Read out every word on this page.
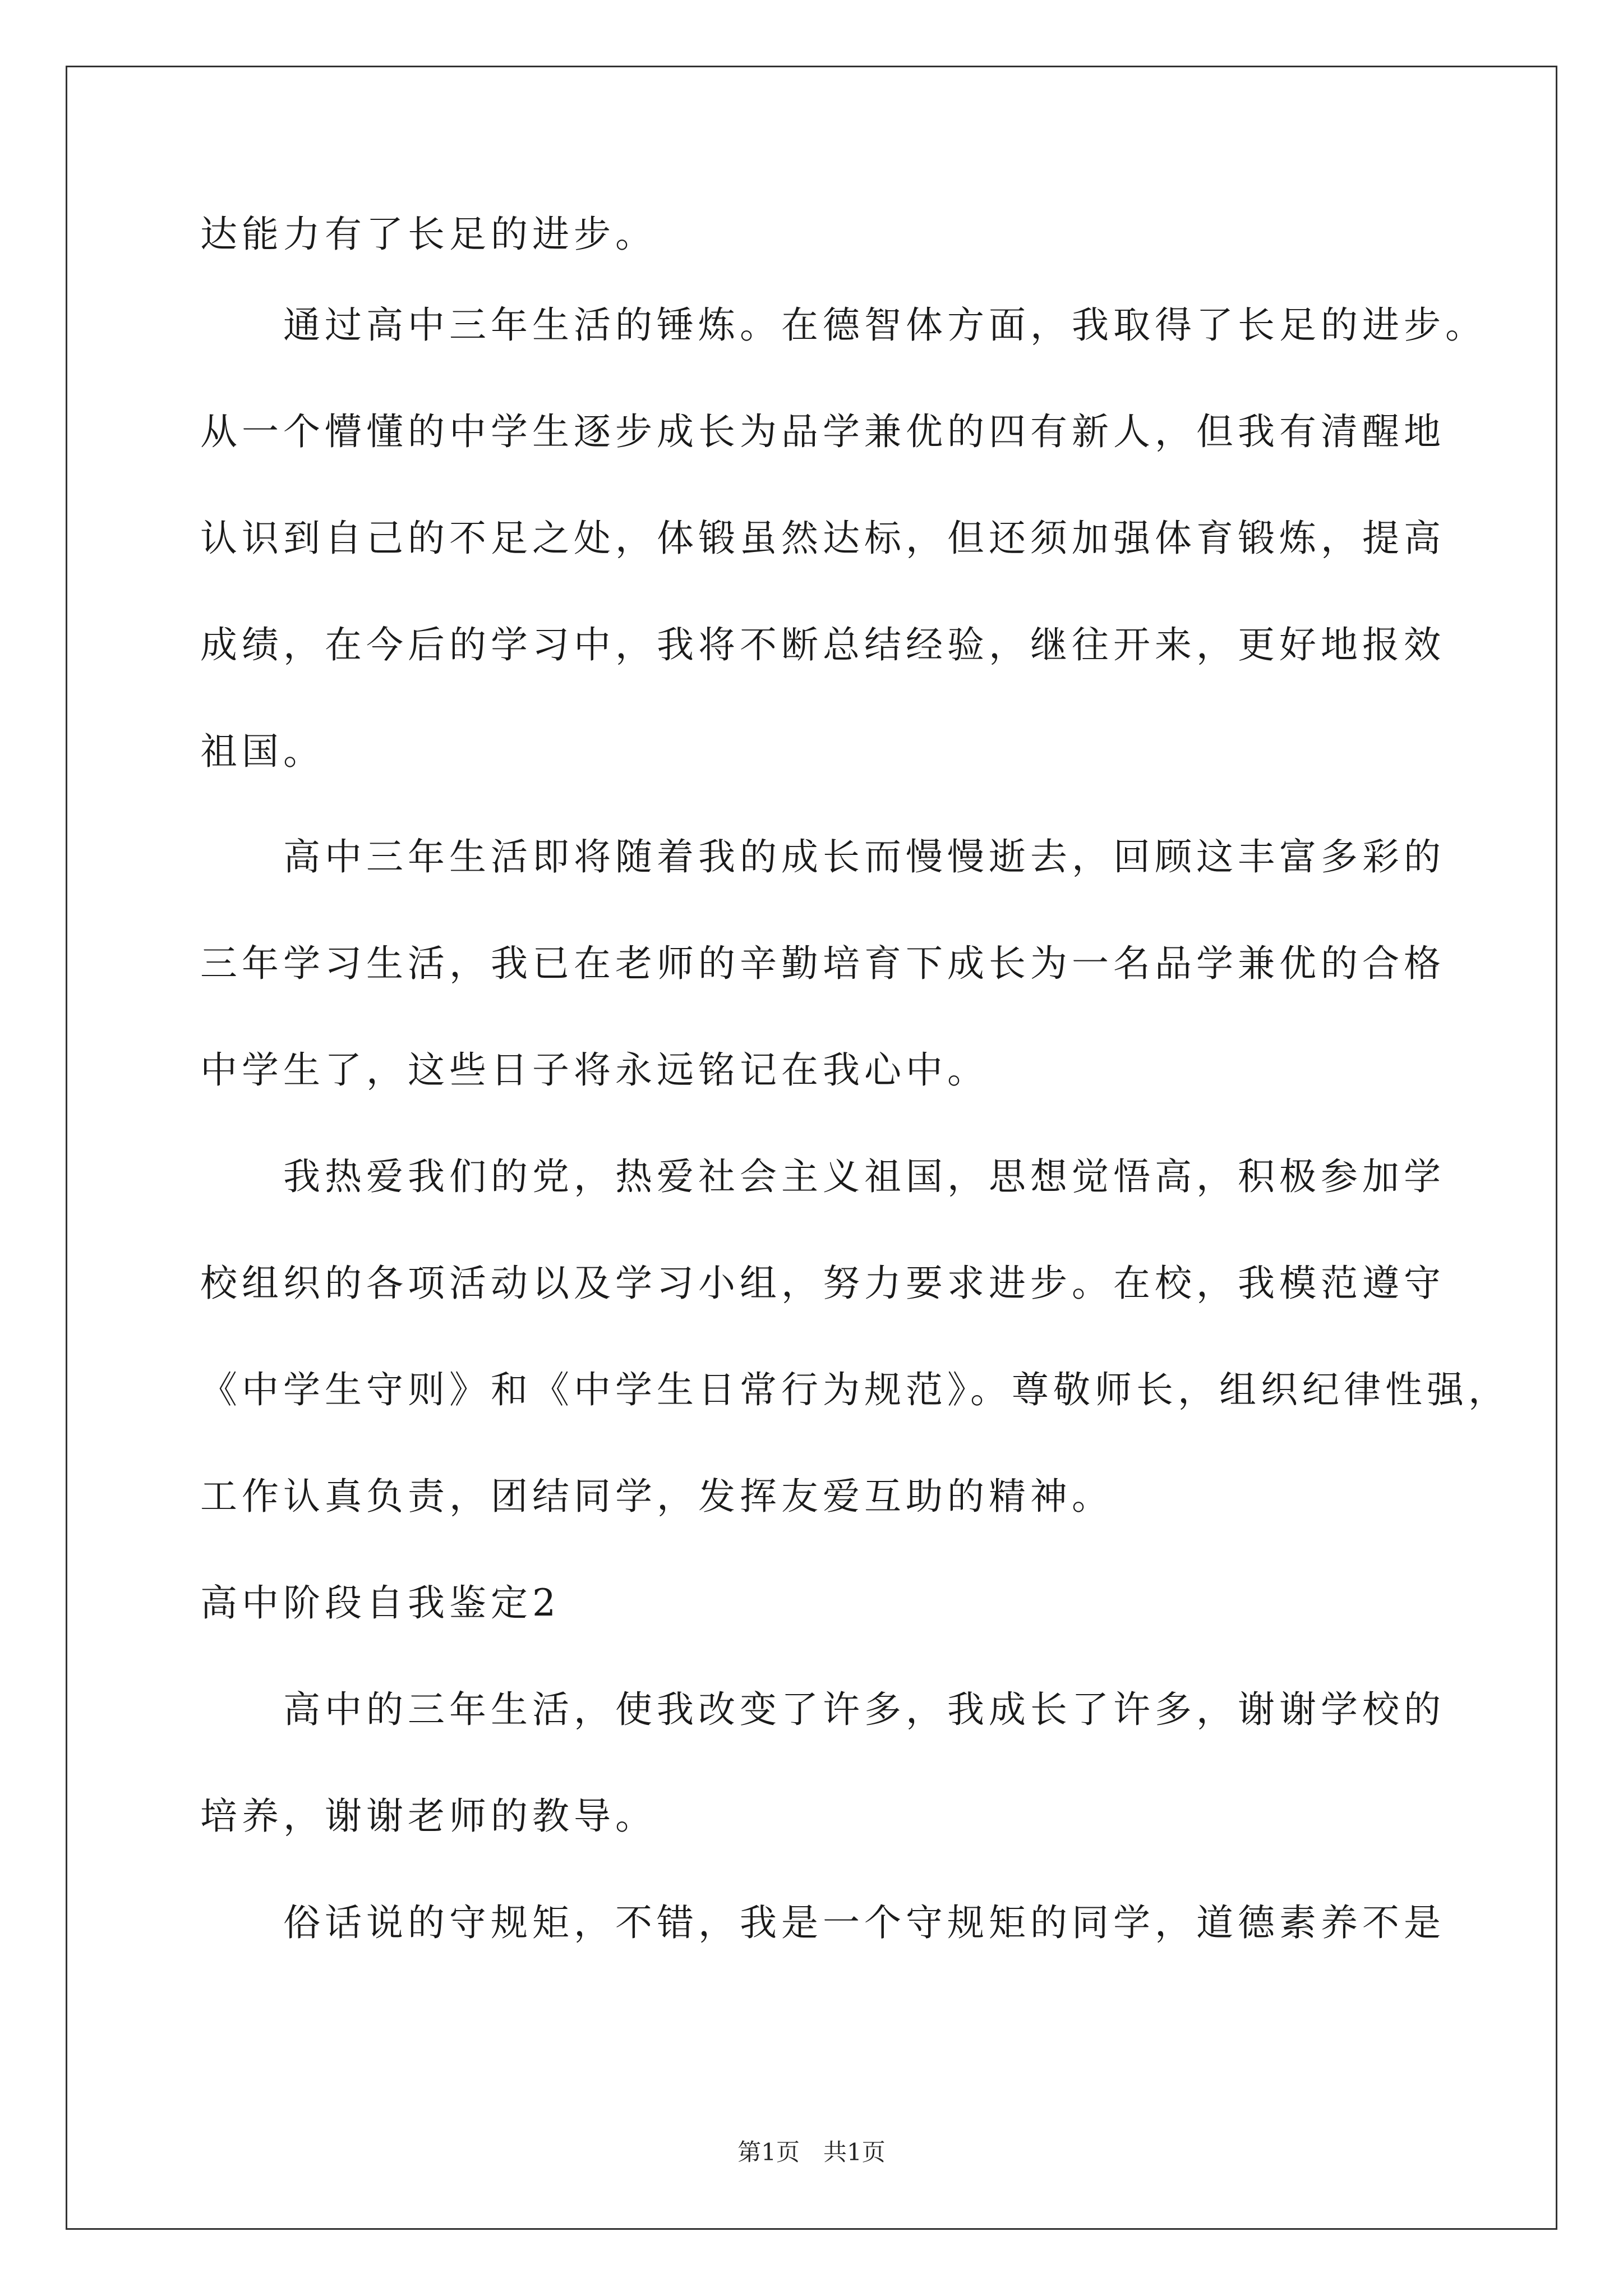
达能力有了长足的进步。
通过高中三年生活的锤炼。在德智体方面，我取得了长足的进步。
从一个懵懂的中学生逐步成长为品学兼优的四有新人，但我有清醒地
认识到自己的不足之处，体锻虽然达标，但还须加强体育锻炼，提高
成绩，在今后的学习中，我将不断总结经验，继往开来，更好地报效
祖国。
高中三年生活即将随着我的成长而慢慢逝去，回顾这丰富多彩的
三年学习生活，我已在老师的辛勤培育下成长为一名品学兼优的合格
中学生了，这些日子将永远铭记在我心中。
我热爱我们的党，热爱社会主义祖国，思想觉悟高，积极参加学
校组织的各项活动以及学习小组，努力要求进步。在校，我模范遵守
《中学生守则》和《中学生日常行为规范》。尊敬师长，组织纪律性强，
工作认真负责，团结同学，发挥友爱互助的精神。
高中阶段自我鉴定2
高中的三年生活，使我改变了许多，我成长了许多，谢谢学校的
培养，谢谢老师的教导。
俗话说的守规矩，不错，我是一个守规矩的同学，道德素养不是
第1页　共1页
